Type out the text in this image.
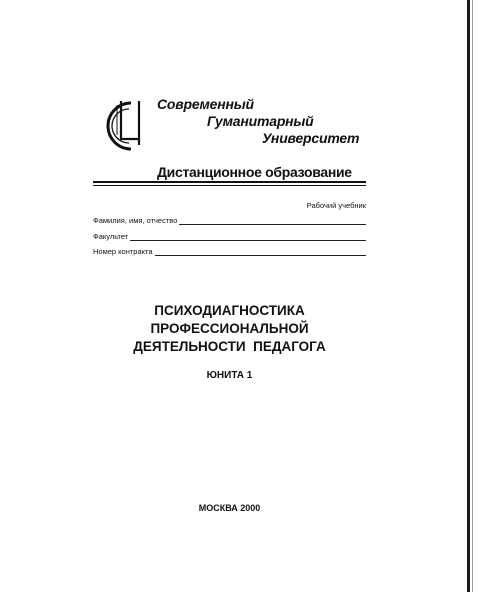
Современный
Гуманитарный
Университет
Дистанционное образование
Рабочий учебник
Фамилия, имя, отчество
Факультет
Номер контракта
ПСИХОДИАГНОСТИКА
ПРОФЕССИОНАЛЬНОЙ
ДЕЯТЕЛЬНОСТИ  ПЕДАГОГА
ЮНИТА 1
МОСКВА 2000
